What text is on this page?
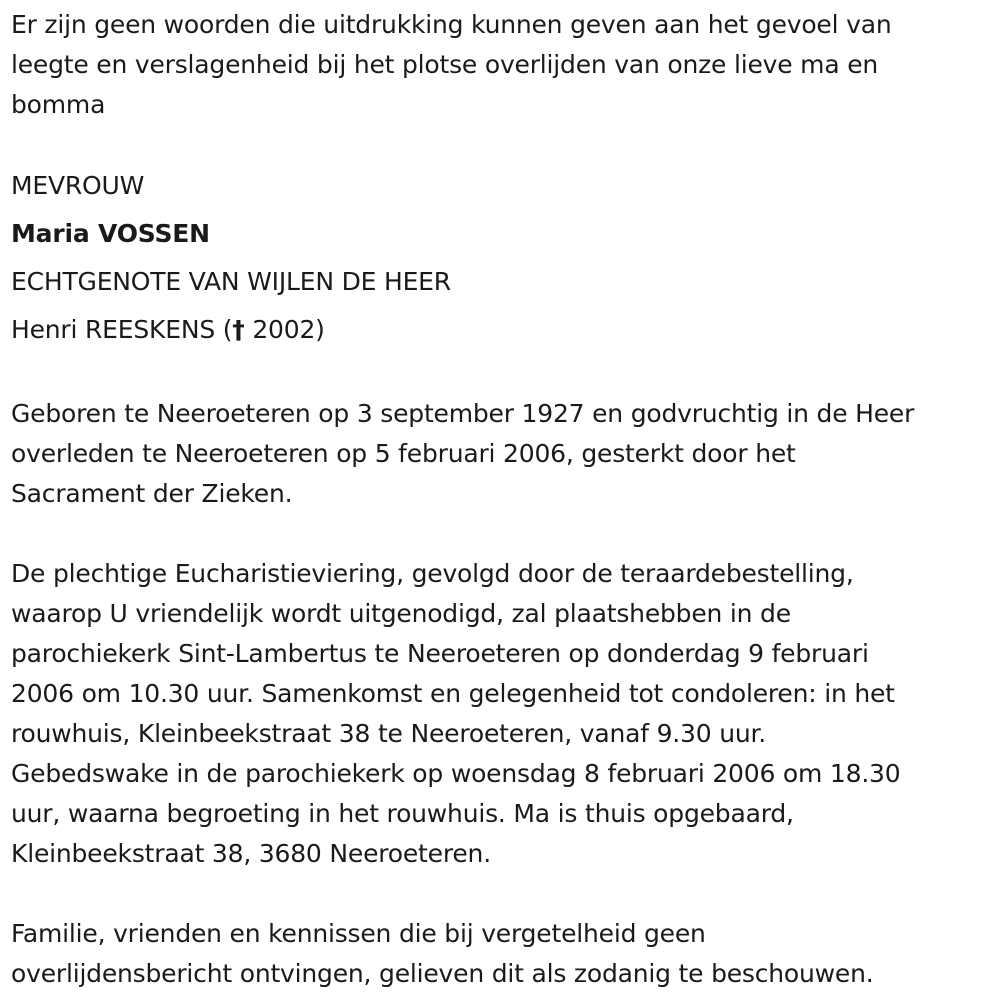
Er zijn geen woorden die uitdrukking kunnen geven aan het gevoel van
leegte en verslagenheid bij het plotse overlijden van onze lieve ma en
bomma

MEVROUW
Maria VOSSEN
ECHTGENOTE VAN WIJLEN DE HEER
Henri REESKENS († 2002)

Geboren te Neeroeteren op 3 september 1927 en godvruchtig in de Heer
overleden te Neeroeteren op 5 februari 2006, gesterkt door het
Sacrament der Zieken.

De plechtige Eucharistieviering, gevolgd door de teraardebestelling,
waarop U vriendelijk wordt uitgenodigd, zal plaatshebben in de
parochiekerk Sint-Lambertus te Neeroeteren op donderdag 9 februari
2006 om 10.30 uur. Samenkomst en gelegenheid tot condoleren: in het
rouwhuis, Kleinbeekstraat 38 te Neeroeteren, vanaf 9.30 uur.
Gebedswake in de parochiekerk op woensdag 8 februari 2006 om 18.30
uur, waarna begroeting in het rouwhuis. Ma is thuis opgebaard,
Kleinbeekstraat 38, 3680 Neeroeteren.

Familie, vrienden en kennissen die bij vergetelheid geen
overlijdensbericht ontvingen, gelieven dit als zodanig te beschouwen.
